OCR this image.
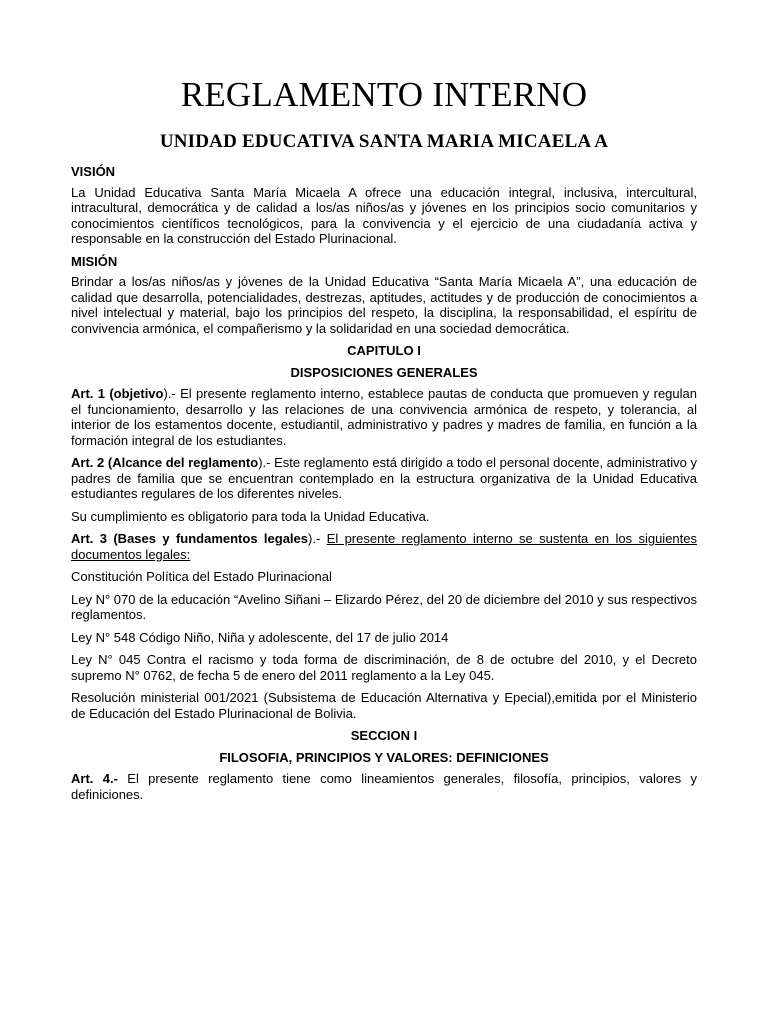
REGLAMENTO INTERNO
UNIDAD EDUCATIVA SANTA MARIA MICAELA A
VISIÓN

La Unidad Educativa Santa María Micaela A ofrece una educación integral, inclusiva, intercultural, intracultural, democrática y de calidad a los/as niños/as y jóvenes en los principios socio comunitarios y conocimientos científicos tecnológicos, para la convivencia y el ejercicio de una ciudadanía activa y responsable en la construcción del Estado Plurinacional.

MISIÓN

Brindar a los/as niños/as y jóvenes de la Unidad Educativa “Santa María Micaela A”, una educación de calidad que desarrolla, potencialidades, destrezas, aptitudes, actitudes y de producción de conocimientos a nivel intelectual y material, bajo los principios del respeto, la disciplina, la responsabilidad, el espíritu de convivencia armónica, el compañerismo y la solidaridad en una sociedad democrática.

CAPITULO I
DISPOSICIONES GENERALES

Art. 1 (objetivo).- El presente reglamento interno, establece pautas de conducta que promueven y regulan el funcionamiento, desarrollo y las relaciones de una convivencia armónica de respeto, y tolerancia, al interior de los estamentos docente, estudiantil, administrativo y padres y madres de familia, en función a la formación integral de los estudiantes.

Art. 2 (Alcance del reglamento).- Este reglamento está dirigido a todo el personal docente, administrativo y padres de familia que se encuentran contemplado en la estructura organizativa de la Unidad Educativa estudiantes regulares de los diferentes niveles.

Su cumplimiento es obligatorio para toda la Unidad Educativa.

Art. 3 (Bases y fundamentos legales).- El presente reglamento interno se sustenta en los siguientes documentos legales:

Constitución Política del Estado Plurinacional

Ley N° 070 de la educación “Avelino Siñani – Elizardo Pérez, del 20 de diciembre del 2010 y sus respectivos reglamentos.

Ley N° 548 Código Niño, Niña y adolescente, del 17 de julio 2014

Ley N° 045 Contra el racismo y toda forma de discriminación, de 8 de octubre del 2010, y el Decreto supremo N° 0762, de fecha 5 de enero del 2011 reglamento a la Ley 045.

Resolución ministerial 001/2021 (Subsistema de Educación Alternativa y Epecial),emitida por el Ministerio de Educación del Estado Plurinacional de Bolivia.

SECCION I
FILOSOFIA, PRINCIPIOS Y VALORES: DEFINICIONES

Art. 4.- El presente reglamento tiene como lineamientos generales, filosofía, principios, valores y definiciones.
